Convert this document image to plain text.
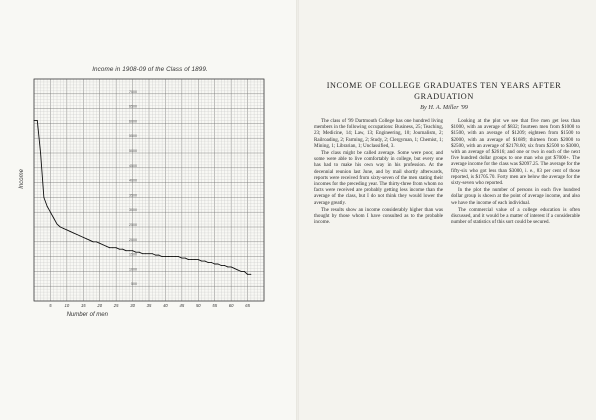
Income in 1908-09 of the Class of 1899.
5	10	15	20	25	30	35	40	45	50	55	60	65
7000
6500
6000
5500
5000
4500
4000
3500
3000
2500
2000
1500
1000
500
Number of men
Income
INCOME OF COLLEGE GRADUATES TEN YEARS AFTER GRADUATION
By H. A. Miller '99

The class of '99 Dartmouth College has one hundred living members in the following occupations: Business, 25; Teaching, 23; Medicine, 14; Law, 13; Engineering, 10; Journalism, 2; Railroading, 2; Farming, 2; Study, 2; Clergyman, 1; Chemist, 1; Mining, 1; Librarian, 1; Unclassified, 3.

The class might be called average. Some were poor, and some were able to live comfortably in college, but every one has had to make his own way in his profession. At the decennial reunion last June, and by mail shortly afterwards, reports were received from sixty-seven of the men stating their incomes for the preceding year. The thirty-three from whom no facts were received are probably getting less income than the average of the class, but I do not think they would lower the average greatly.

The results show an income considerably higher than was thought by those whom I have consulted as to the probable income.

Looking at the plot we see that five men get less than $1000, with an average of $832; fourteen men from $1000 to $1500, with an average of $1209; eighteen from $1500 to $2000, with an average of $1689; thirteen from $2000 to $2500, with an average of $2178.60; six from $2500 to $3000, with an average of $2616; and one or two in each of the next five hundred dollar groups to one man who got $7000+. The average income for the class was $2097.25. The average for the fifty-six who got less than $3000, i. e., 83 per cent of those reported, is $1705.70. Forty men are below the average for the sixty-seven who reported.

In the plot the number of persons in each five hundred dollar group is shown at the point of average income, and also we have the income of each individual.

The commercial value of a college education is often discussed, and it would be a matter of interest if a considerable number of statistics of this sort could be secured.
